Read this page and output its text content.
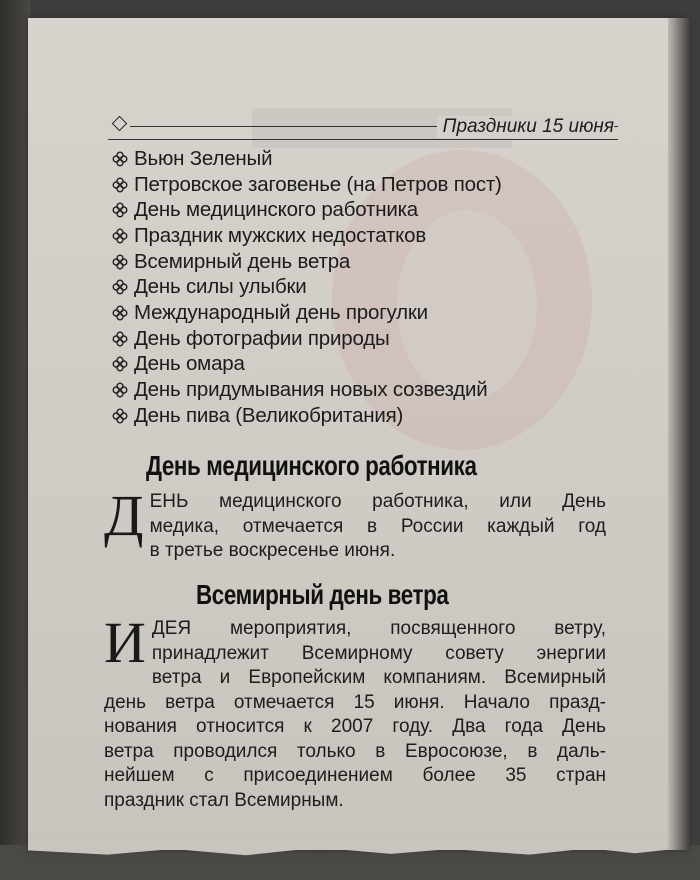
Праздники 15 июня
Вьюн Зеленый
Петровское заговенье (на Петров пост)
День медицинского работника
Праздник мужских недостатков
Всемирный день ветра
День силы улыбки
Международный день прогулки
День фотографии природы
День омара
День придумывания новых созвездий
День пива (Великобритания)
День медицинского работника
Д ЕНЬ медицинского работника, или День
медика, отмечается в России каждый год
в третье воскресенье июня.
Всемирный день ветра
И ДЕЯ мероприятия, посвященного ветру,
принадлежит Всемирному совету энергии
ветра и Европейским компаниям. Всемирный
день ветра отмечается 15 июня. Начало празд-
нования относится к 2007 году. Два года День
ветра проводился только в Евросоюзе, в даль-
нейшем с присоединением более 35 стран
праздник стал Всемирным.
